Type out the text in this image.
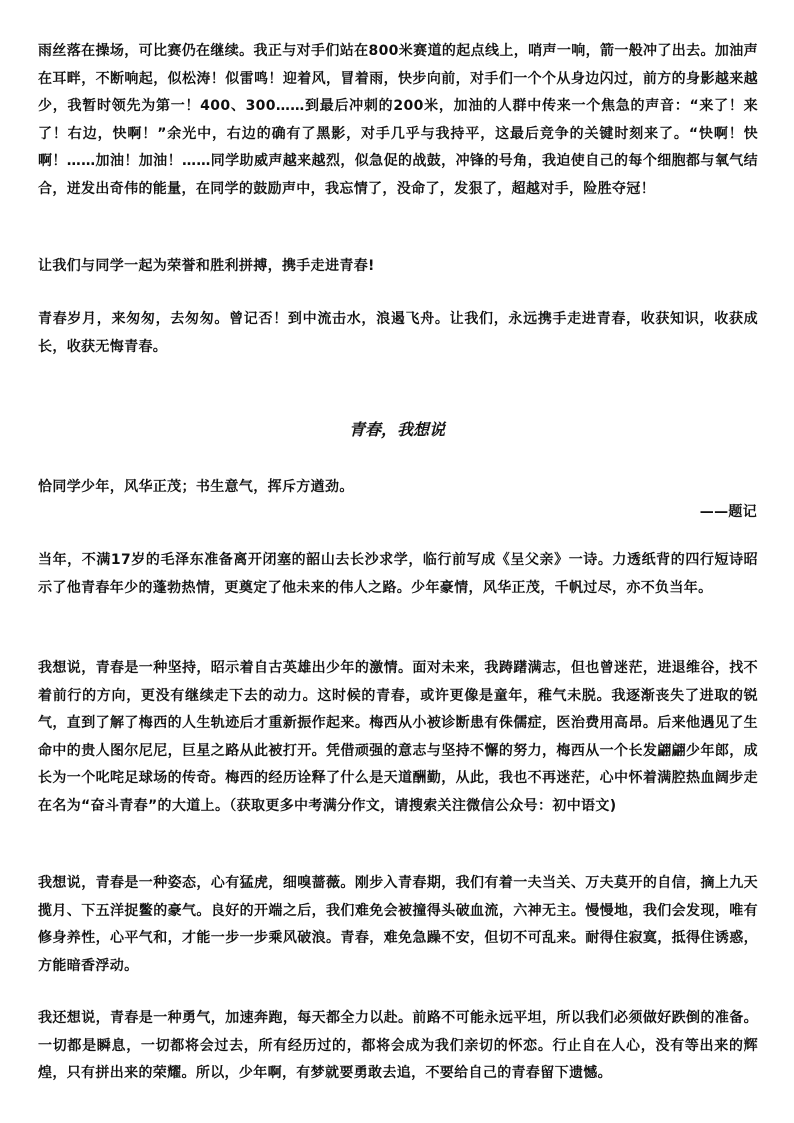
雨丝落在操场，可比赛仍在继续。我正与对手们站在800米赛道的起点线上，哨声一响，箭一般冲了出去。加油声在耳畔，不断响起，似松涛！似雷鸣！迎着风，冒着雨，快步向前，对手们一个个从身边闪过，前方的身影越来越少，我暂时领先为第一！400、300……到最后冲刺的200米，加油的人群中传来一个焦急的声音：“来了！来了！右边，快啊！”余光中，右边的确有了黑影，对手几乎与我持平，这最后竞争的关键时刻来了。“快啊！快啊！……加油！加油！……同学助威声越来越烈，似急促的战鼓，冲锋的号角，我迫使自己的每个细胞都与氧气结合，迸发出奇伟的能量，在同学的鼓励声中，我忘情了，没命了，发狠了，超越对手，险胜夺冠！

让我们与同学一起为荣誉和胜利拼搏，携手走进青春!

青春岁月，来匆匆，去匆匆。曾记否！到中流击水，浪遏飞舟。让我们，永远携手走进青春，收获知识，收获成长，收获无悔青春。

青春，我想说

恰同学少年，风华正茂；书生意气，挥斥方遒劲。

——题记

当年，不满17岁的毛泽东准备离开闭塞的韶山去长沙求学，临行前写成《呈父亲》一诗。力透纸背的四行短诗昭示了他青春年少的蓬勃热情，更奠定了他未来的伟人之路。少年豪情，风华正茂，千帆过尽，亦不负当年。

我想说，青春是一种坚持，昭示着自古英雄出少年的激情。面对未来，我踌躇满志，但也曾迷茫，进退维谷，找不着前行的方向，更没有继续走下去的动力。这时候的青春，或许更像是童年，稚气未脱。我逐渐丧失了进取的锐气，直到了解了梅西的人生轨迹后才重新振作起来。梅西从小被诊断患有侏儒症，医治费用高昂。后来他遇见了生命中的贵人图尔尼尼，巨星之路从此被打开。凭借顽强的意志与坚持不懈的努力，梅西从一个长发翩翩少年郎，成长为一个叱咤足球场的传奇。梅西的经历诠释了什么是天道酬勤，从此，我也不再迷茫，心中怀着满腔热血阔步走在名为“奋斗青春”的大道上。（获取更多中考满分作文，请搜索关注微信公众号：初中语文)

我想说，青春是一种姿态，心有猛虎，细嗅蔷薇。刚步入青春期，我们有着一夫当关、万夫莫开的自信，摘上九天揽月、下五洋捉鳖的豪气。良好的开端之后，我们难免会被撞得头破血流，六神无主。慢慢地，我们会发现，唯有修身养性，心平气和，才能一步一步乘风破浪。青春，难免急躁不安，但切不可乱来。耐得住寂寞，抵得住诱惑，方能暗香浮动。

我还想说，青春是一种勇气，加速奔跑，每天都全力以赴。前路不可能永远平坦，所以我们必须做好跌倒的准备。一切都是瞬息，一切都将会过去，所有经历过的，都将会成为我们亲切的怀恋。行止自在人心，没有等出来的辉煌，只有拼出来的荣耀。所以，少年啊，有梦就要勇敢去追，不要给自己的青春留下遗憾。
